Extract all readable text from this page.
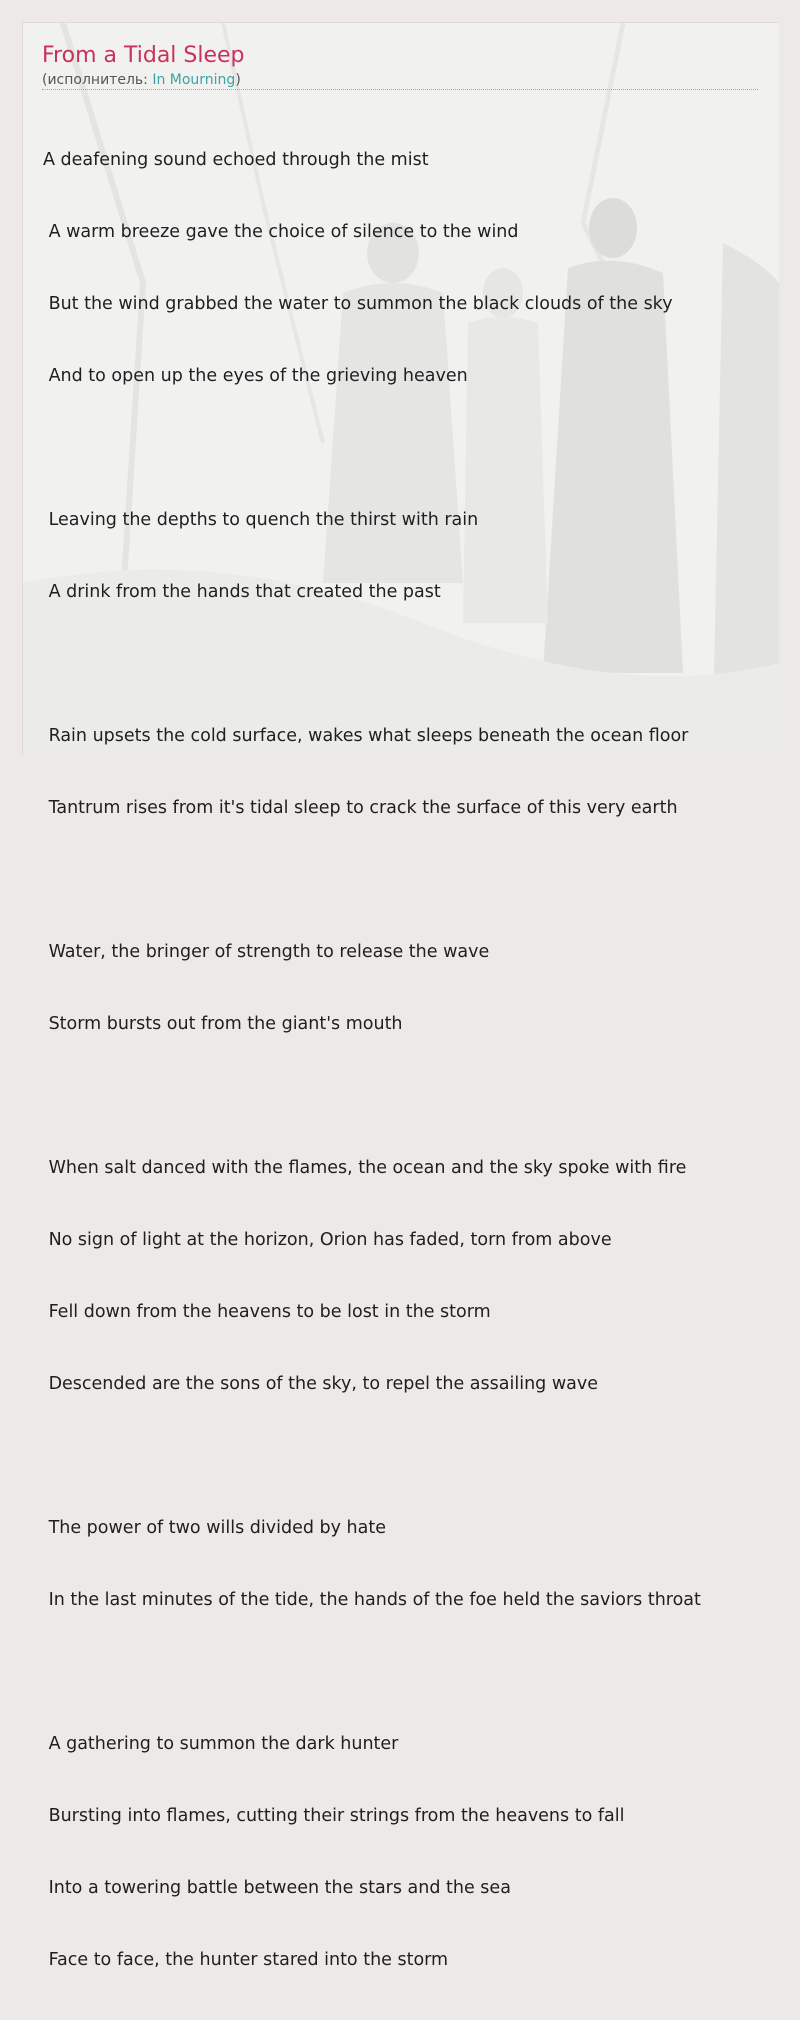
From a Tidal Sleep
(исполнитель: In Mourning)

A deafening sound echoed through the mist

A warm breeze gave the choice of silence to the wind

But the wind grabbed the water to summon the black clouds of the sky

And to open up the eyes of the grieving heaven

Leaving the depths to quench the thirst with rain

A drink from the hands that created the past

Rain upsets the cold surface, wakes what sleeps beneath the ocean floor

Tantrum rises from it's tidal sleep to crack the surface of this very earth

Water, the bringer of strength to release the wave

Storm bursts out from the giant's mouth

When salt danced with the flames, the ocean and the sky spoke with fire

No sign of light at the horizon, Orion has faded, torn from above

Fell down from the heavens to be lost in the storm

Descended are the sons of the sky, to repel the assailing wave

The power of two wills divided by hate

In the last minutes of the tide, the hands of the foe held the saviors throat

A gathering to summon the dark hunter

Bursting into flames, cutting their strings from the heavens to fall

Into a towering battle between the stars and the sea

Face to face, the hunter stared into the storm
